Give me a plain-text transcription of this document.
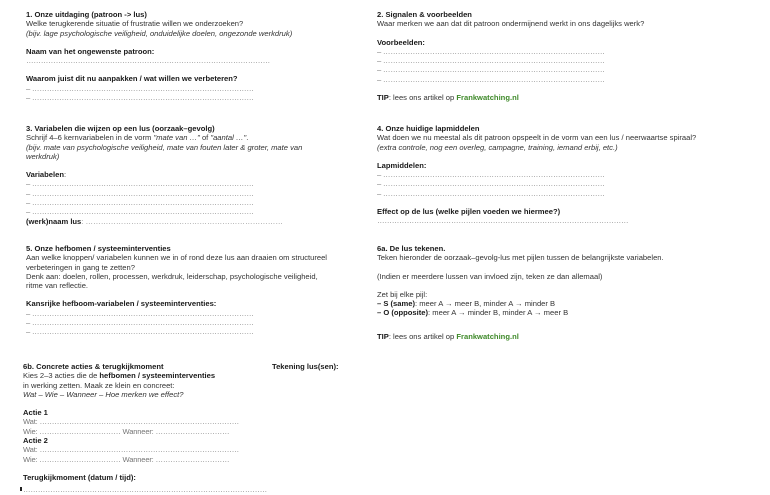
1. Onze uitdaging (patroon -> lus)
Welke terugkerende situatie of frustratie willen we onderzoeken?
(bijv. lage psychologische veiligheid, onduidelijke doelen, ongezonde werkdruk)
Naam van het ongewenste patroon:
………………………………………………………………………………………
Waarom juist dit nu aanpakken / wat willen we verbeteren?
– ………………………………………………………………………………
– ………………………………………………………………………………
2. Signalen & voorbeelden
Waar merken we aan dat dit patroon ondermijnend werkt in ons dagelijks werk?
Voorbeelden:
– ………………………………………………………………………………
– ………………………………………………………………………………
– ………………………………………………………………………………
– ………………………………………………………………………………
TIP: lees ons artikel op Frankwatching.nl
3. Variabelen die wijzen op een lus (oorzaak–gevolg)
Schrijf 4–6 kernvariabelen in de vorm "mate van …" of "aantal …".
(bijv. mate van psychologische veiligheid, mate van fouten later & groter, mate van werkdruk)
Variabelen:
– ………………………………………………………………………………
– ………………………………………………………………………………
– ………………………………………………………………………………
– ………………………………………………………………………………
(werk)naam lus: ……………………………………………………………………
4. Onze huidige lapmiddelen
Wat doen we nu meestal als dit patroon opspeelt in de vorm van een lus / neerwaartse spiraal?
(extra controle, nog een overleg, campagne, training, iemand erbij, etc.)
Lapmiddelen:
– ………………………………………………………………………………
– ………………………………………………………………………………
– ………………………………………………………………………………
Effect op de lus (welke pijlen voeden we hiermee?)
…………………………………………………………………………………………
5. Onze hefbomen / systeeminterventies
Aan welke knoppen/ variabelen kunnen we in of rond deze lus aan draaien om structureel verbeteringen in gang te zetten?
Denk aan: doelen, rollen, processen, werkdruk, leiderschap, psychologische veiligheid, ritme van reflectie.
Kansrijke hefboom-variabelen / systeeminterventies:
– ………………………………………………………………………………
– ………………………………………………………………………………
– ………………………………………………………………………………
6a. De lus tekenen.
Teken hieronder de oorzaak–gevolg-lus met pijlen tussen de belangrijkste variabelen.
(Indien er meerdere lussen van invloed zijn, teken ze dan allemaal)
Zet bij elke pijl:
– S (same): meer A → meer B, minder A → minder B
– O (opposite): meer A → minder B, minder A → meer B
TIP: lees ons artikel op Frankwatching.nl
6b. Concrete acties & terugkijkmoment
Kies 2–3 acties die de hefbomen / systeeminterventies
in werking zetten. Maak ze klein en concreet:
Wat – Wie – Wanneer – Hoe merken we effect?
Actie 1
Wat: ………………………………………………………………………
Wie: …………………………… Wanneer: …………………………
Actie 2
Wat: ………………………………………………………………………
Wie: …………………………… Wanneer: …………………………
Terugkijkmoment (datum / tijd):
………………………………………………………………………………………
Tekening lus(sen):
